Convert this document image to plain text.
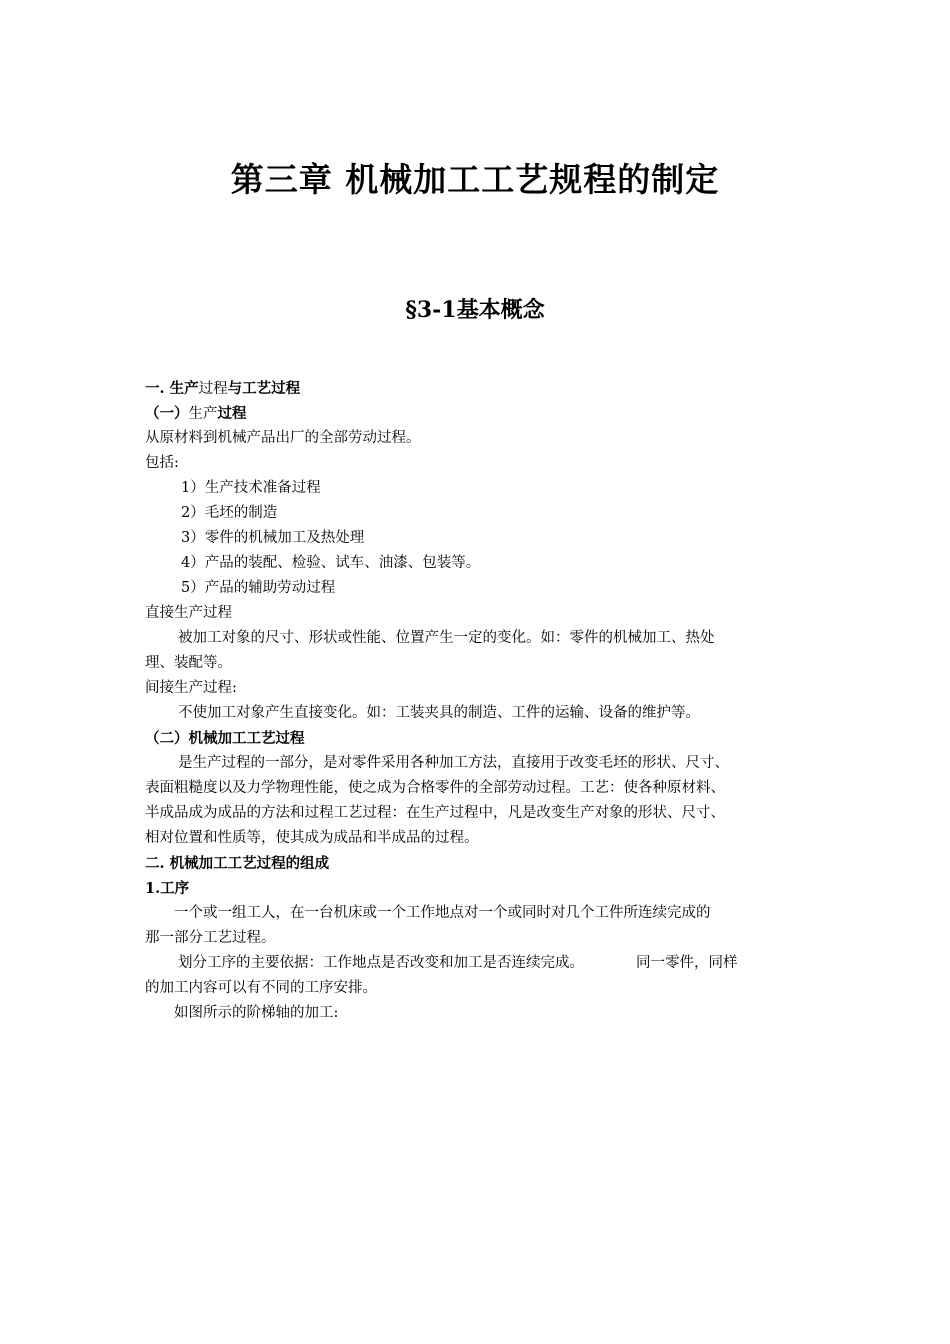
第三章 机械加工工艺规程的制定
§3-1基本概念

一. 生产过程与工艺过程

（一）生产过程

从原材料到机械产品出厂的全部劳动过程。

包括:

1）生产技术准备过程

2）毛坯的制造

3）零件的机械加工及热处理

4）产品的装配、检验、试车、油漆、包装等。

5）产品的辅助劳动过程

直接生产过程

被加工对象的尺寸、形状或性能、位置产生一定的变化。如：零件的机械加工、热处

理、装配等。

间接生产过程:

不使加工对象产生直接变化。如：工装夹具的制造、工件的运输、设备的维护等。

（二）机械加工工艺过程

是生产过程的一部分，是对零件采用各种加工方法，直接用于改变毛坯的形状、尺寸、

表面粗糙度以及力学物理性能，使之成为合格零件的全部劳动过程。工艺：使各种原材料、

半成品成为成品的方法和过程工艺过程：在生产过程中，凡是改变生产对象的形状、尺寸、

相对位置和性质等，使其成为成品和半成品的过程。

二. 机械加工工艺过程的组成

1.工序

一个或一组工人，在一台机床或一个工作地点对一个或同时对几个工件所连续完成的

那一部分工艺过程。

划分工序的主要依据：工作地点是否改变和加工是否连续完成。	同一零件，同样

的加工内容可以有不同的工序安排。

如图所示的阶梯轴的加工:
